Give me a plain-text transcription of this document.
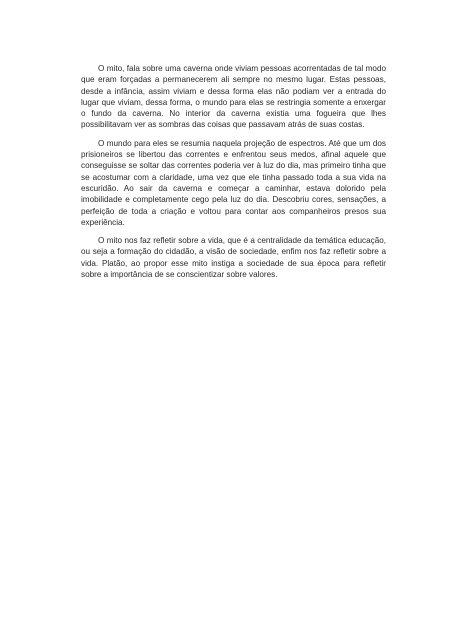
O mito, fala sobre uma caverna onde viviam pessoas acorrentadas de tal modo que eram forçadas a permanecerem ali sempre no mesmo lugar. Estas pessoas, desde a infância, assim viviam e dessa forma elas não podiam ver a entrada do lugar que viviam, dessa forma, o mundo para elas se restringia somente a enxergar o fundo da caverna. No interior da caverna existia uma fogueira que lhes possibilitavam ver as sombras das coisas que passavam atrás de suas costas.

O mundo para eles se resumia naquela projeção de espectros. Até que um dos prisioneiros se libertou das correntes e enfrentou seus medos, afinal aquele que conseguisse se soltar das correntes poderia ver à luz do dia, mas primeiro tinha que se acostumar com a claridade, uma vez que ele tinha passado toda a sua vida na escuridão. Ao sair da caverna e começar a caminhar, estava dolorido pela imobilidade e completamente cego pela luz do dia. Descobriu cores, sensações, a perfeição de toda a criação e voltou para contar aos companheiros presos sua experiência.

O mito nos faz refletir sobre a vida, que é a centralidade da temática educação, ou seja a formação do cidadão, a visão de sociedade, enfim nos faz refletir sobre a vida. Platão, ao propor esse mito instiga a sociedade de sua época para refletir sobre a importância de se conscientizar sobre valores.
